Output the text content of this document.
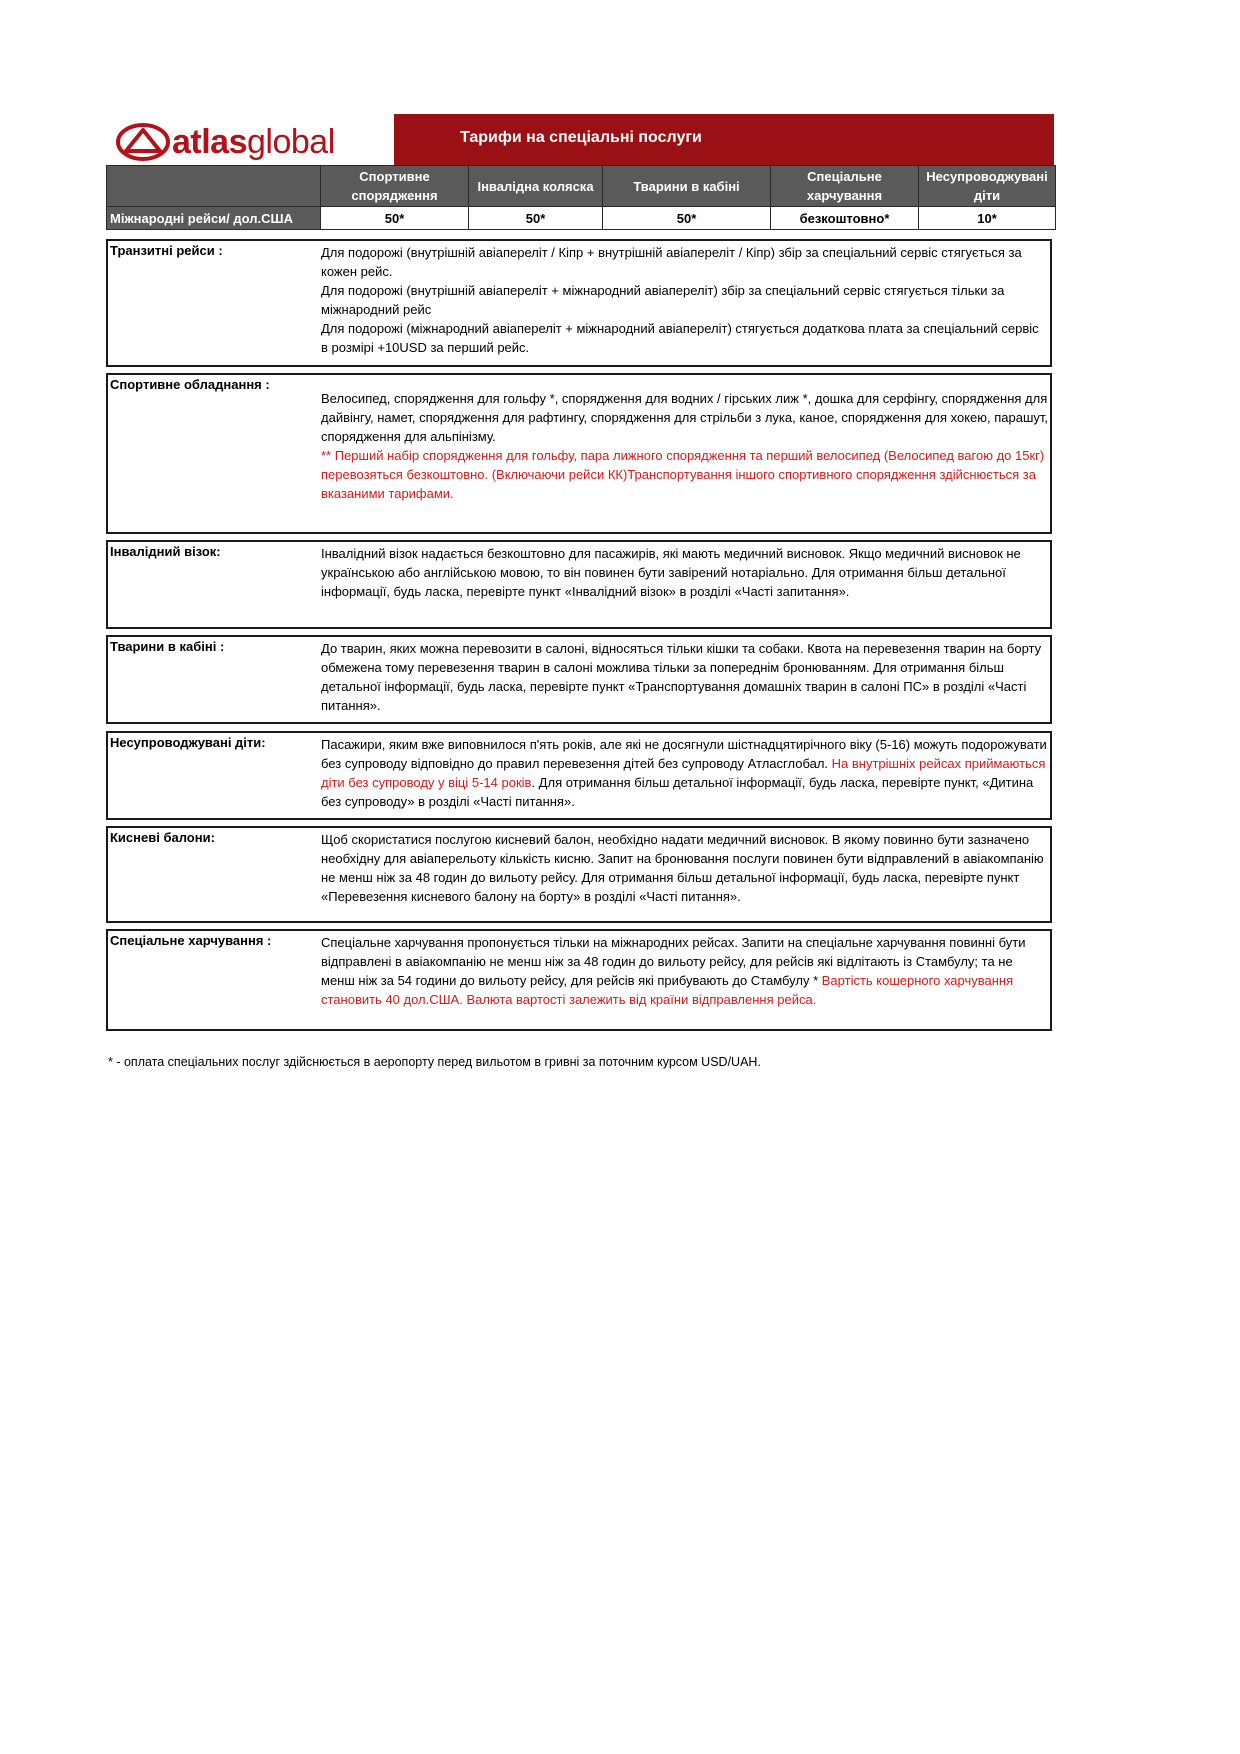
atlasglobal	Тарифи на спеціальні послуги
	Спортивне спорядження	Інвалідна коляска	Тварини в кабіні	Спеціальне харчування	Несупроводжувані діти
Міжнародні рейси/ дол.США	50*	50*	50*	безкоштовно*	10*
Транзитні рейси :	Для подорожі (внутрішній авіапереліт / Кіпр + внутрішній авіапереліт / Кіпр) збір за спеціальний сервіс стягується за кожен рейс.
Для подорожі (внутрішній авіапереліт + міжнародний авіапереліт) збір за спеціальний сервіс стягується тільки за міжнародний рейс
Для подорожі (міжнародний авіапереліт + міжнародний авіапереліт) стягується додаткова плата за спеціальний сервіс в розмірі +10USD за перший рейс.
Спортивне обладнання :
Велосипед, спорядження для гольфу *, спорядження для водних / гірських лиж *, дошка для серфінгу, спорядження для дайвінгу, намет, спорядження для рафтингу, спорядження для стрільби з лука, каное, спорядження для хокею, парашут, спорядження для альпінізму.
** Перший набір спорядження для гольфу, пара лижного спорядження та перший велосипед (Велосипед вагою до 15кг) перевозяться безкоштовно. (Включаючи рейси КК)Транспортування іншого спортивного спорядження здійснюється за вказаними тарифами.
Інвалідний візок:	Інвалідний візок надається безкоштовно для пасажирів, які мають медичний висновок. Якщо медичний висновок не українською або англійською мовою, то він повинен бути завірений нотаріально. Для отримання більш детальної інформації, будь ласка, перевірте пункт «Інвалідний візок» в розділі «Часті запитання».
Тварини в кабіні :	До тварин, яких можна перевозити в салоні, відносяться тільки кішки та собаки. Квота на перевезення тварин на борту обмежена тому перевезення тварин в салоні можлива тільки за попереднім бронюванням. Для отримання більш детальної інформації, будь ласка, перевірте пункт «Транспортування домашніх тварин в салоні ПС» в розділі «Часті питання».
Несупроводжувані діти:	Пасажири, яким вже виповнилося п'ять років, але які не досягнули шістнадцятирічного віку (5-16) можуть подорожувати без супроводу відповідно до правил перевезення дітей без супроводу Атласглобал. На внутрішніх рейсах приймаються діти без супроводу у віці 5-14 років. Для отримання більш детальної інформації, будь ласка, перевірте пункт, «Дитина без супроводу» в розділі «Часті питання».
Кисневі балони:	Щоб скористатися послугою кисневий балон, необхідно надати медичний висновок. В якому повинно бути зазначено необхідну для авіаперельоту кількість кисню. Запит на бронювання послуги повинен бути відправлений в авіакомпанію не менш ніж за 48 годин до вильоту рейсу. Для отримання більш детальної інформації, будь ласка, перевірте пункт «Перевезення кисневого балону на борту» в розділі «Часті питання».
Спеціальне харчування :	Спеціальне харчування пропонується тільки на міжнародних рейсах. Запити на спеціальне харчування повинні бути відправлені в авіакомпанію не менш ніж за 48 годин до вильоту рейсу, для рейсів які відлітають із Стамбулу; та не менш ніж за 54 години до вильоту рейсу, для рейсів які прибувають до Стамбулу * Вартість кошерного харчування становить 40 дол.США. Валюта вартості залежить від країни відправлення рейса.
* - оплата спеціальних послуг здійснюється в аеропорту перед вильотом в гривні за поточним курсом USD/UAH.
